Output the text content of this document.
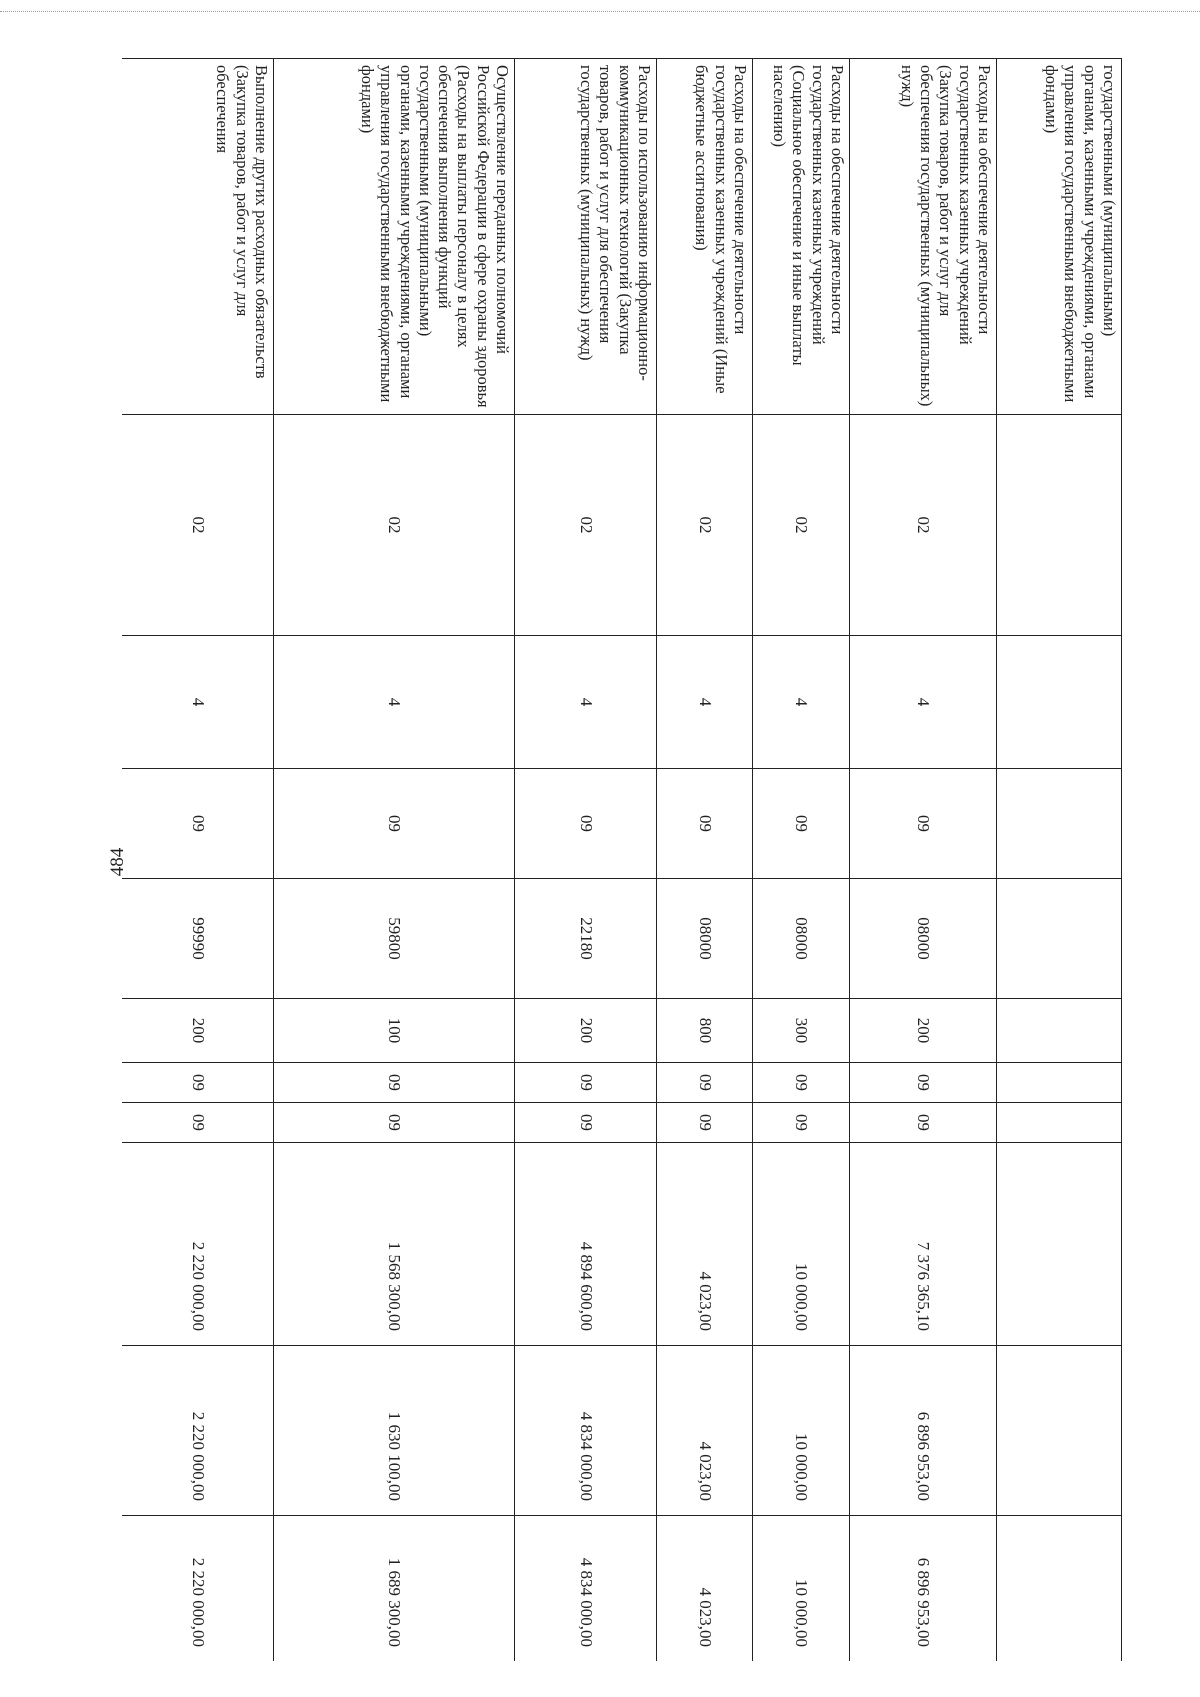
484
государственными (муниципальными) органами, казенными учреждениями, органами управления государственными внебюджетными фондами)										
Расходы на обеспечение деятельности государственных казенных учреждений (Закупка товаров, работ и услуг для обеспечения государственных (муниципальных) нужд)	02	4	09	08000	200	09	09	7 376 365,10	6 896 953,00	6 896 953,00
Расходы на обеспечение деятельности государственных казенных учреждений (Социальное обеспечение и иные выплаты населению)	02	4	09	08000	300	09	09	10 000,00	10 000,00	10 000,00
Расходы на обеспечение деятельности государственных казенных учреждений (Иные бюджетные ассигнования)	02	4	09	08000	800	09	09	4 023,00	4 023,00	4 023,00
Расходы по использованию информационно-коммуникационных технологий (Закупка товаров, работ и услуг для обеспечения государственных (муниципальных) нужд)	02	4	09	22180	200	09	09	4 894 600,00	4 834 000,00	4 834 000,00
Осуществление переданных полномочий Российской Федерации в сфере охраны здоровья (Расходы на выплаты персоналу в целях обеспечения выполнения функций государственными (муниципальными) органами, казенными учреждениями, органами управления государственными внебюджетными фондами)	02	4	09	59800	100	09	09	1 568 300,00	1 630 100,00	1 689 300,00
Выполнение других расходных обязательств (Закупка товаров, работ и услуг для обеспечения	02	4	09	99990	200	09	09	2 220 000,00	2 220 000,00	2 220 000,00
